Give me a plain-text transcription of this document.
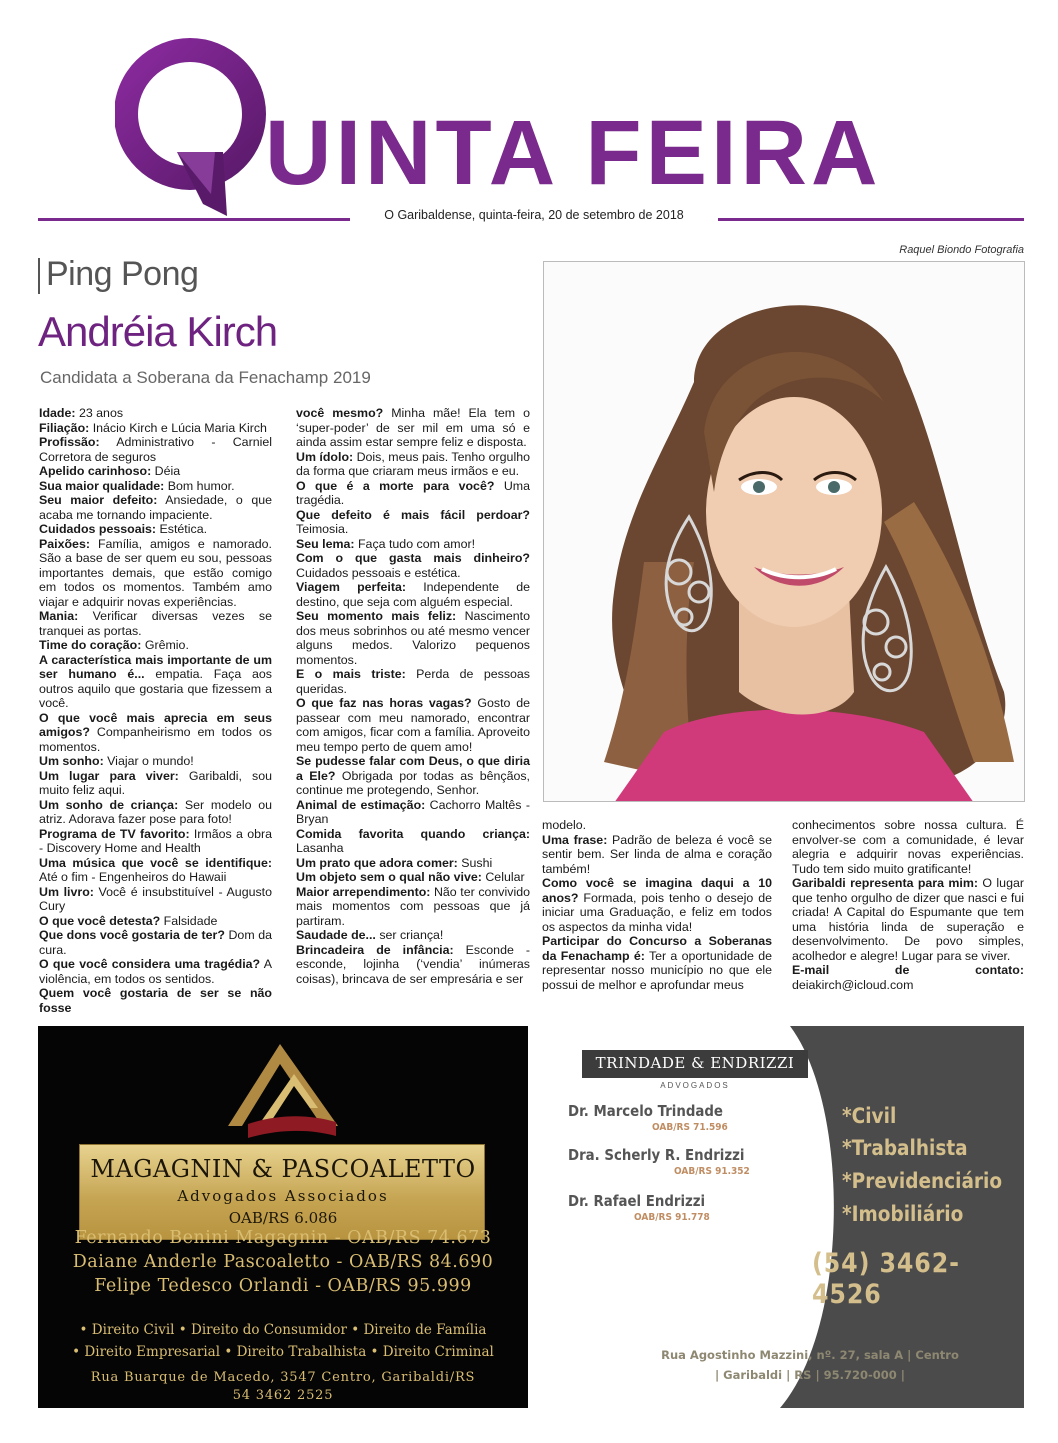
UINTA FEIRA
O Garibaldense, quinta-feira, 20 de setembro de 2018
Raquel Biondo Fotografia
Ping Pong
Andréia Kirch
Candidata a Soberana da Fenachamp 2019

Idade: 23 anos

Filiação: Inácio Kirch e Lúcia Maria Kirch

Profissão: Administrativo - Carniel Corretora de seguros

Apelido carinhoso: Déia

Sua maior qualidade: Bom humor.

Seu maior defeito: Ansiedade, o que acaba me tornando impaciente.

Cuidados pessoais: Estética.

Paixões: Família, amigos e namorado. São a base de ser quem eu sou, pessoas importantes demais, que estão comigo em todos os momentos. Também amo viajar e adquirir novas experiências.

Mania: Verificar diversas vezes se tranquei as portas.

Time do coração: Grêmio.

A característica mais importante de um ser humano é... empatia. Faça aos outros aquilo que gostaria que fizessem a você.

O que você mais aprecia em seus amigos? Companheirismo em todos os momentos.

Um sonho: Viajar o mundo!

Um lugar para viver: Garibaldi, sou muito feliz aqui.

Um sonho de criança: Ser modelo ou atriz. Adorava fazer pose para foto!

Programa de TV favorito: Irmãos a obra - Discovery Home and Health

Uma música que você se identifique: Até o fim - Engenheiros do Hawaii

Um livro: Você é insubstituível - Augusto Cury

O que você detesta? Falsidade

Que dons você gostaria de ter? Dom da cura.

O que você considera uma tragédia? A violência, em todos os sentidos.

Quem você gostaria de ser se não fosse

você mesmo? Minha mãe! Ela tem o ‘super-poder’ de ser mil em uma só e ainda assim estar sempre feliz e disposta.

Um ídolo: Dois, meus pais. Tenho orgulho da forma que criaram meus irmãos e eu.

O que é a morte para você? Uma tragédia.

Que defeito é mais fácil perdoar? Teimosia.

Seu lema: Faça tudo com amor!

Com o que gasta mais dinheiro? Cuidados pessoais e estética.

Viagem perfeita: Independente de destino, que seja com alguém especial.

Seu momento mais feliz: Nascimento dos meus sobrinhos ou até mesmo vencer alguns medos. Valorizo pequenos momentos.

E o mais triste: Perda de pessoas queridas.

O que faz nas horas vagas? Gosto de passear com meu namorado, encontrar com amigos, ficar com a família. Aproveito meu tempo perto de quem amo!

Se pudesse falar com Deus, o que diria a Ele? Obrigada por todas as bênçãos, continue me protegendo, Senhor.

Animal de estimação: Cachorro Maltês - Bryan

Comida favorita quando criança: Lasanha

Um prato que adora comer: Sushi

Um objeto sem o qual não vive: Celular

Maior arrependimento: Não ter convivido mais momentos com pessoas que já partiram.

Saudade de... ser criança!

Brincadeira de infância: Esconde - esconde, lojinha (‘vendia’ inúmeras coisas), brincava de ser empresária e ser

modelo.

Uma frase: Padrão de beleza é você se sentir bem. Ser linda de alma e coração também!

Como você se imagina daqui a 10 anos? Formada, pois tenho o desejo de iniciar uma Graduação, e feliz em todos os aspectos da minha vida!

Participar do Concurso a Soberanas da Fenachamp é: Ter a oportunidade de representar nosso município no que ele possui de melhor e aprofundar meus

conhecimentos sobre nossa cultura. É envolver-se com a comunidade, é levar alegria e adquirir novas experiências. Tudo tem sido muito gratificante!

Garibaldi representa para mim: O lugar que tenho orgulho de dizer que nasci e fui criada! A Capital do Espumante que tem uma história linda de superação e desenvolvimento. De povo simples, acolhedor e alegre! Lugar para se viver.

E-mail de contato: deiakirch@icloud.com

MAGAGNIN & PASCOALETTO
Advogados Associados
OAB/RS 6.086
Fernando Benini Magagnin - OAB/RS 74.673
Daiane Anderle Pascoaletto - OAB/RS 84.690
Felipe Tedesco Orlandi - OAB/RS 95.999
• Direito Civil • Direito do Consumidor • Direito de Família
• Direito Empresarial • Direito Trabalhista • Direito Criminal
Rua Buarque de Macedo, 3547 Centro, Garibaldi/RS
54 3462 2525
TRINDADE & ENDRIZZI
ADVOGADOS
Dr. Marcelo Trindade
OAB/RS 71.596
Dra. Scherly R. Endrizzi
OAB/RS 91.352
Dr. Rafael Endrizzi
OAB/RS 91.778
*Civil
*Trabalhista
*Previdenciário
*Imobiliário
(54) 3462-4526
Rua Agostinho Mazzini, nº. 27, sala A | Centro
| Garibaldi | RS | 95.720-000 |
